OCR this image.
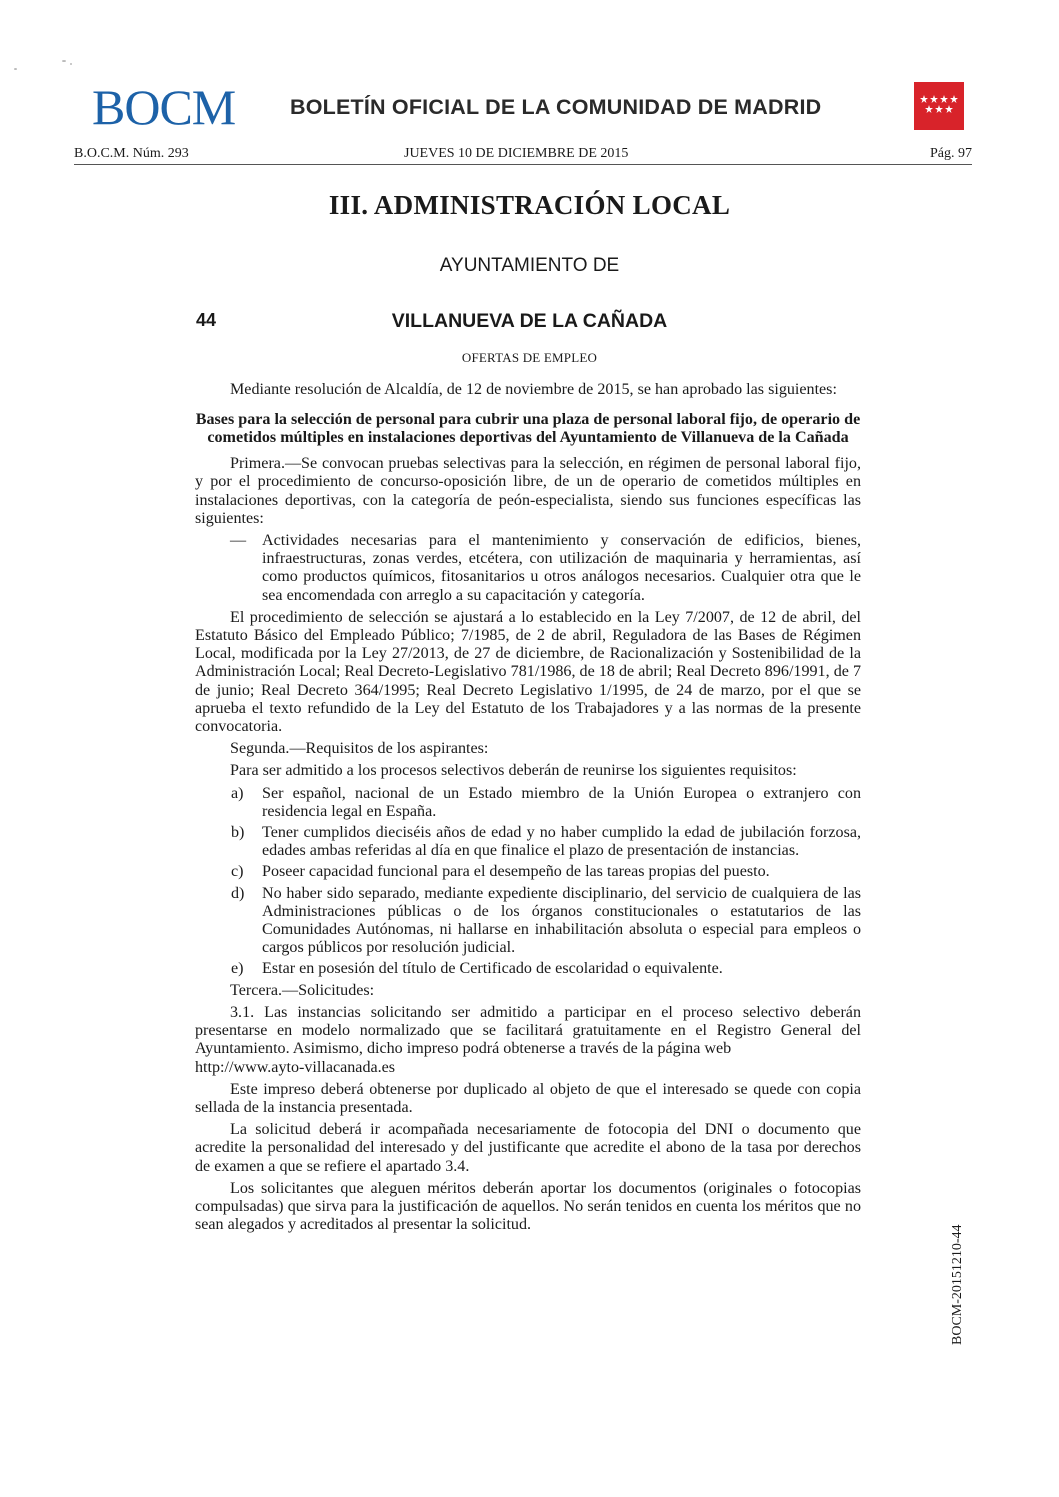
BOCM	BOLETÍN OFICIAL DE LA COMUNIDAD DE MADRID
B.O.C.M. Núm. 293	JUEVES 10 DE DICIEMBRE DE 2015	Pág. 97
III. ADMINISTRACIÓN LOCAL
AYUNTAMIENTO DE
44	VILLANUEVA DE LA CAÑADA
OFERTAS DE EMPLEO

Mediante resolución de Alcaldía, de 12 de noviembre de 2015, se han aprobado las siguientes:

Bases para la selección de personal para cubrir una plaza de personal laboral fijo, de operario de cometidos múltiples en instalaciones deportivas del Ayuntamiento de Villanueva de la Cañada

Primera.—Se convocan pruebas selectivas para la selección, en régimen de personal laboral fijo, y por el procedimiento de concurso-oposición libre, de un de operario de cometidos múltiples en instalaciones deportivas, con la categoría de peón-especialista, siendo sus funciones específicas las siguientes:

— Actividades necesarias para el mantenimiento y conservación de edificios, bienes, infraestructuras, zonas verdes, etcétera, con utilización de maquinaria y herramientas, así como productos químicos, fitosanitarios u otros análogos necesarios. Cualquier otra que le sea encomendada con arreglo a su capacitación y categoría.

El procedimiento de selección se ajustará a lo establecido en la Ley 7/2007, de 12 de abril, del Estatuto Básico del Empleado Público; 7/1985, de 2 de abril, Reguladora de las Bases de Régimen Local, modificada por la Ley 27/2013, de 27 de diciembre, de Racionalización y Sostenibilidad de la Administración Local; Real Decreto-Legislativo 781/1986, de 18 de abril; Real Decreto 896/1991, de 7 de junio; Real Decreto 364/1995; Real Decreto Legislativo 1/1995, de 24 de marzo, por el que se aprueba el texto refundido de la Ley del Estatuto de los Trabajadores y a las normas de la presente convocatoria.

Segunda.—Requisitos de los aspirantes:

Para ser admitido a los procesos selectivos deberán de reunirse los siguientes requisitos:

a) Ser español, nacional de un Estado miembro de la Unión Europea o extranjero con residencia legal en España.

b) Tener cumplidos dieciséis años de edad y no haber cumplido la edad de jubilación forzosa, edades ambas referidas al día en que finalice el plazo de presentación de instancias.

c) Poseer capacidad funcional para el desempeño de las tareas propias del puesto.

d) No haber sido separado, mediante expediente disciplinario, del servicio de cualquiera de las Administraciones públicas o de los órganos constitucionales o estatutarios de las Comunidades Autónomas, ni hallarse en inhabilitación absoluta o especial para empleos o cargos públicos por resolución judicial.

e) Estar en posesión del título de Certificado de escolaridad o equivalente.

Tercera.—Solicitudes:

3.1. Las instancias solicitando ser admitido a participar en el proceso selectivo deberán presentarse en modelo normalizado que se facilitará gratuitamente en el Registro General del Ayuntamiento. Asimismo, dicho impreso podrá obtenerse a través de la página web

http://www.ayto-villacanada.es

Este impreso deberá obtenerse por duplicado al objeto de que el interesado se quede con copia sellada de la instancia presentada.

La solicitud deberá ir acompañada necesariamente de fotocopia del DNI o documento que acredite la personalidad del interesado y del justificante que acredite el abono de la tasa por derechos de examen a que se refiere el apartado 3.4.

Los solicitantes que aleguen méritos deberán aportar los documentos (originales o fotocopias compulsadas) que sirva para la justificación de aquellos. No serán tenidos en cuenta los méritos que no sean alegados y acreditados al presentar la solicitud.	BOCM-20151210-44
